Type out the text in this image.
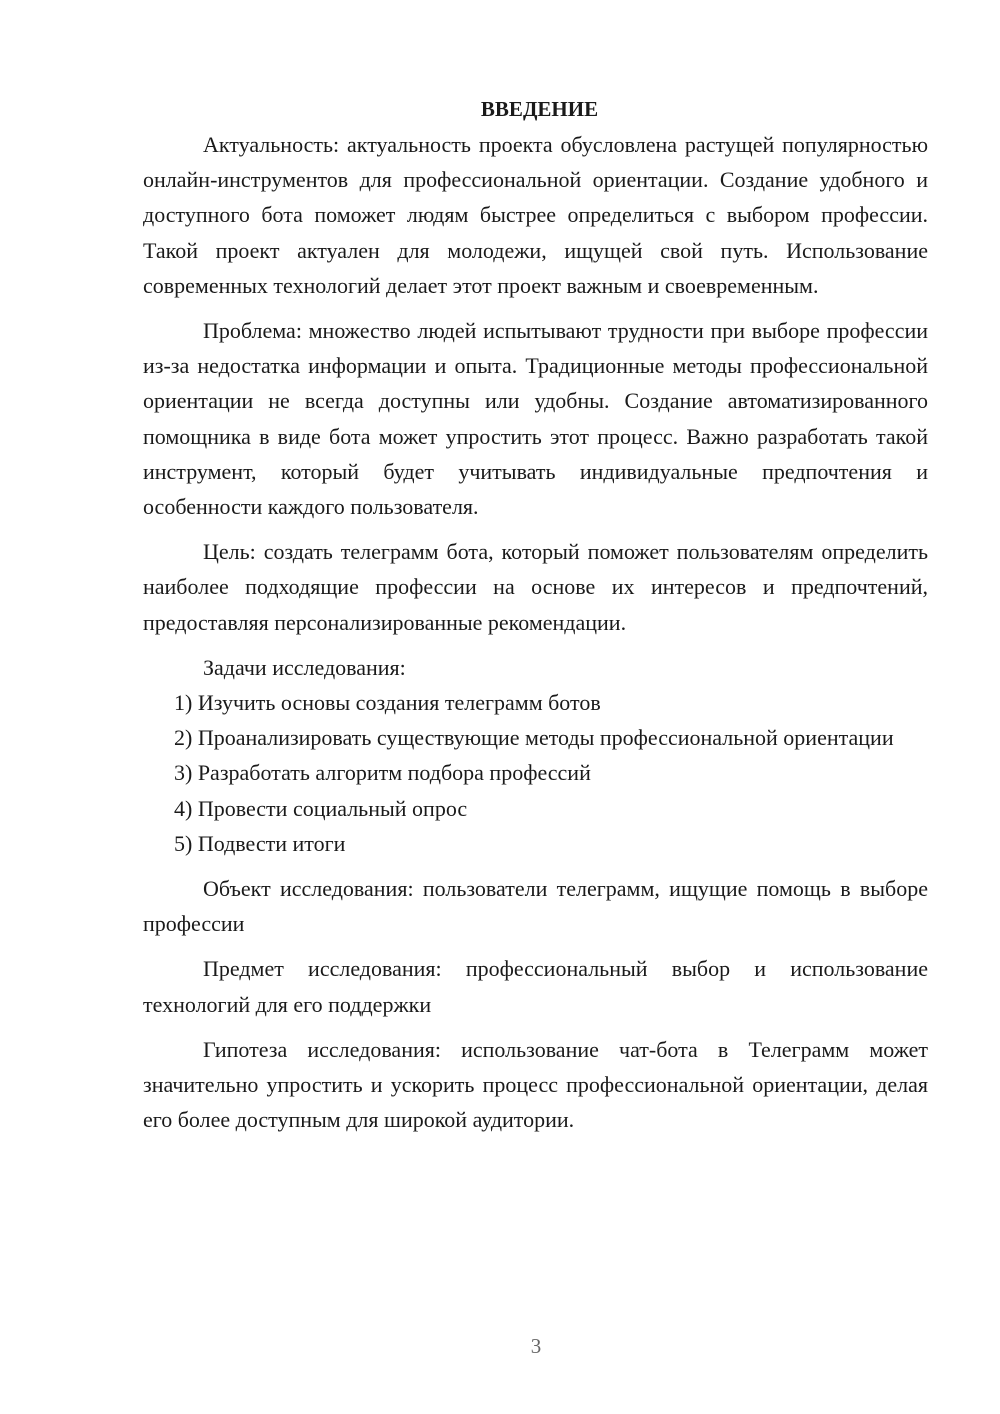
ВВЕДЕНИЕ

Актуальность: актуальность проекта обусловлена растущей популярностью онлайн-инструментов для профессиональной ориентации. Создание удобного и доступного бота поможет людям быстрее определиться с выбором профессии. Такой проект актуален для молодежи, ищущей свой путь. Использование современных технологий делает этот проект важным и своевременным.

Проблема: множество людей испытывают трудности при выборе профессии из-за недостатка информации и опыта. Традиционные методы профессиональной ориентации не всегда доступны или удобны. Создание автоматизированного помощника в виде бота может упростить этот процесс. Важно разработать такой инструмент, который будет учитывать индивидуальные предпочтения и особенности каждого пользователя.

Цель: создать телеграмм бота, который поможет пользователям определить наиболее подходящие профессии на основе их интересов и предпочтений, предоставляя персонализированные рекомендации.

Задачи исследования:

1) Изучить основы создания телеграмм ботов

2) Проанализировать существующие методы профессиональной ориентации

3) Разработать алгоритм подбора профессий

4) Провести социальный опрос

5) Подвести итоги

Объект исследования: пользователи телеграмм, ищущие помощь в выборе профессии

Предмет исследования: профессиональный выбор и использование технологий для его поддержки

Гипотеза исследования: использование чат-бота в Телеграмм может значительно упростить и ускорить процесс профессиональной ориентации, делая его более доступным для широкой аудитории.

3
